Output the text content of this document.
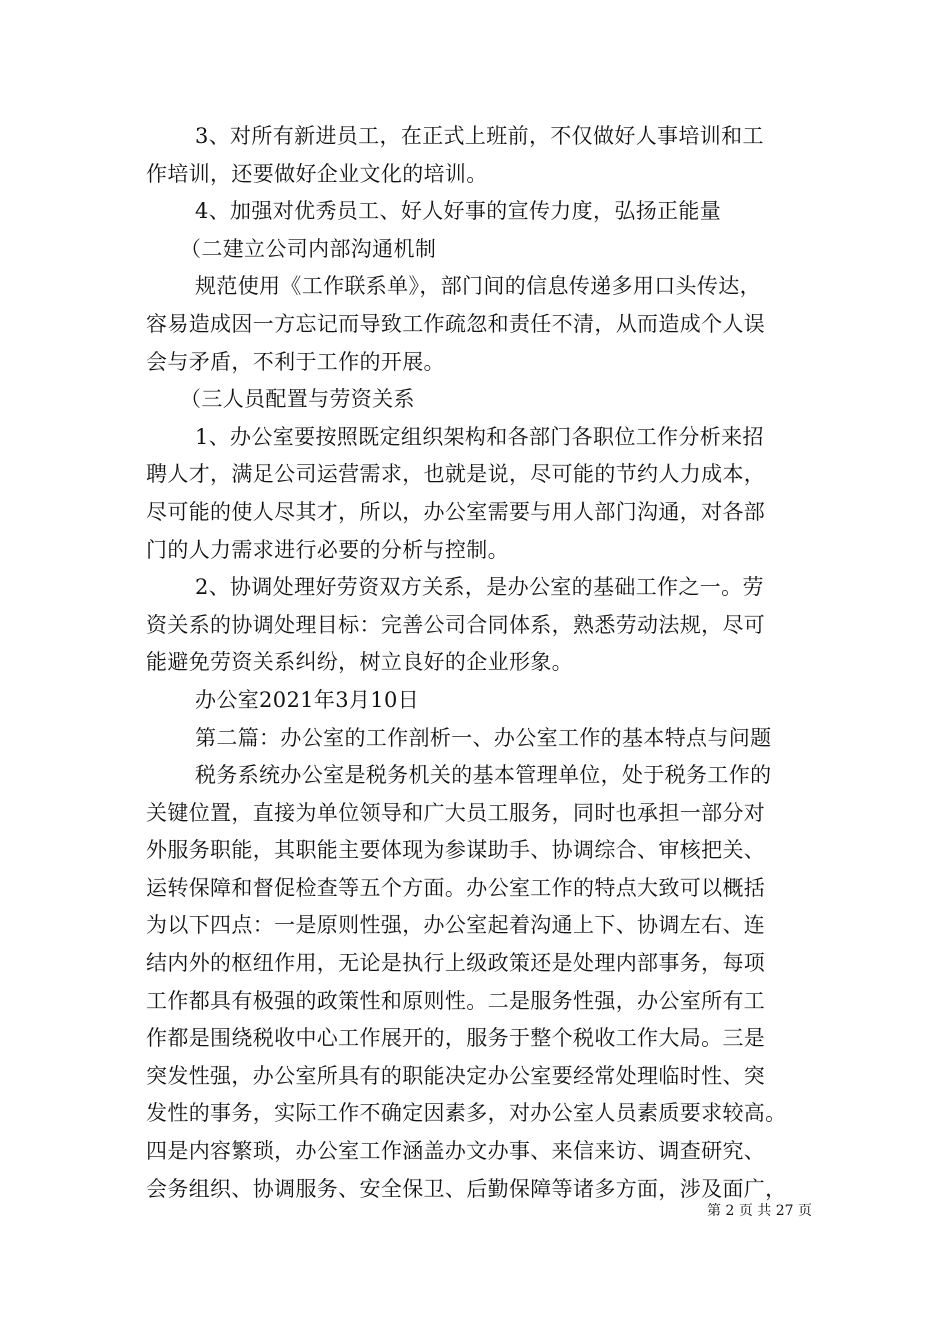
3、对所有新进员工，在正式上班前，不仅做好人事培训和工
作培训，还要做好企业文化的培训。
4、加强对优秀员工、好人好事的宣传力度，弘扬正能量
（二建立公司内部沟通机制
规范使用《工作联系单》，部门间的信息传递多用口头传达，
容易造成因一方忘记而导致工作疏忽和责任不清，从而造成个人误
会与矛盾，不利于工作的开展。
（三人员配置与劳资关系
1、办公室要按照既定组织架构和各部门各职位工作分析来招
聘人才，满足公司运营需求，也就是说，尽可能的节约人力成本，
尽可能的使人尽其才，所以，办公室需要与用人部门沟通，对各部
门的人力需求进行必要的分析与控制。
2、协调处理好劳资双方关系，是办公室的基础工作之一。劳
资关系的协调处理目标：完善公司合同体系，熟悉劳动法规，尽可
能避免劳资关系纠纷，树立良好的企业形象。
办公室2021年3月10日
第二篇：办公室的工作剖析一、办公室工作的基本特点与问题
税务系统办公室是税务机关的基本管理单位，处于税务工作的
关键位置，直接为单位领导和广大员工服务，同时也承担一部分对
外服务职能，其职能主要体现为参谋助手、协调综合、审核把关、
运转保障和督促检查等五个方面。办公室工作的特点大致可以概括
为以下四点：一是原则性强，办公室起着沟通上下、协调左右、连
结内外的枢纽作用，无论是执行上级政策还是处理内部事务，每项
工作都具有极强的政策性和原则性。二是服务性强，办公室所有工
作都是围绕税收中心工作展开的，服务于整个税收工作大局。三是
突发性强，办公室所具有的职能决定办公室要经常处理临时性、突
发性的事务，实际工作不确定因素多，对办公室人员素质要求较高。
四是内容繁琐，办公室工作涵盖办文办事、来信来访、调查研究、
会务组织、协调服务、安全保卫、后勤保障等诸多方面，涉及面广，
第 2 页 共 27 页
